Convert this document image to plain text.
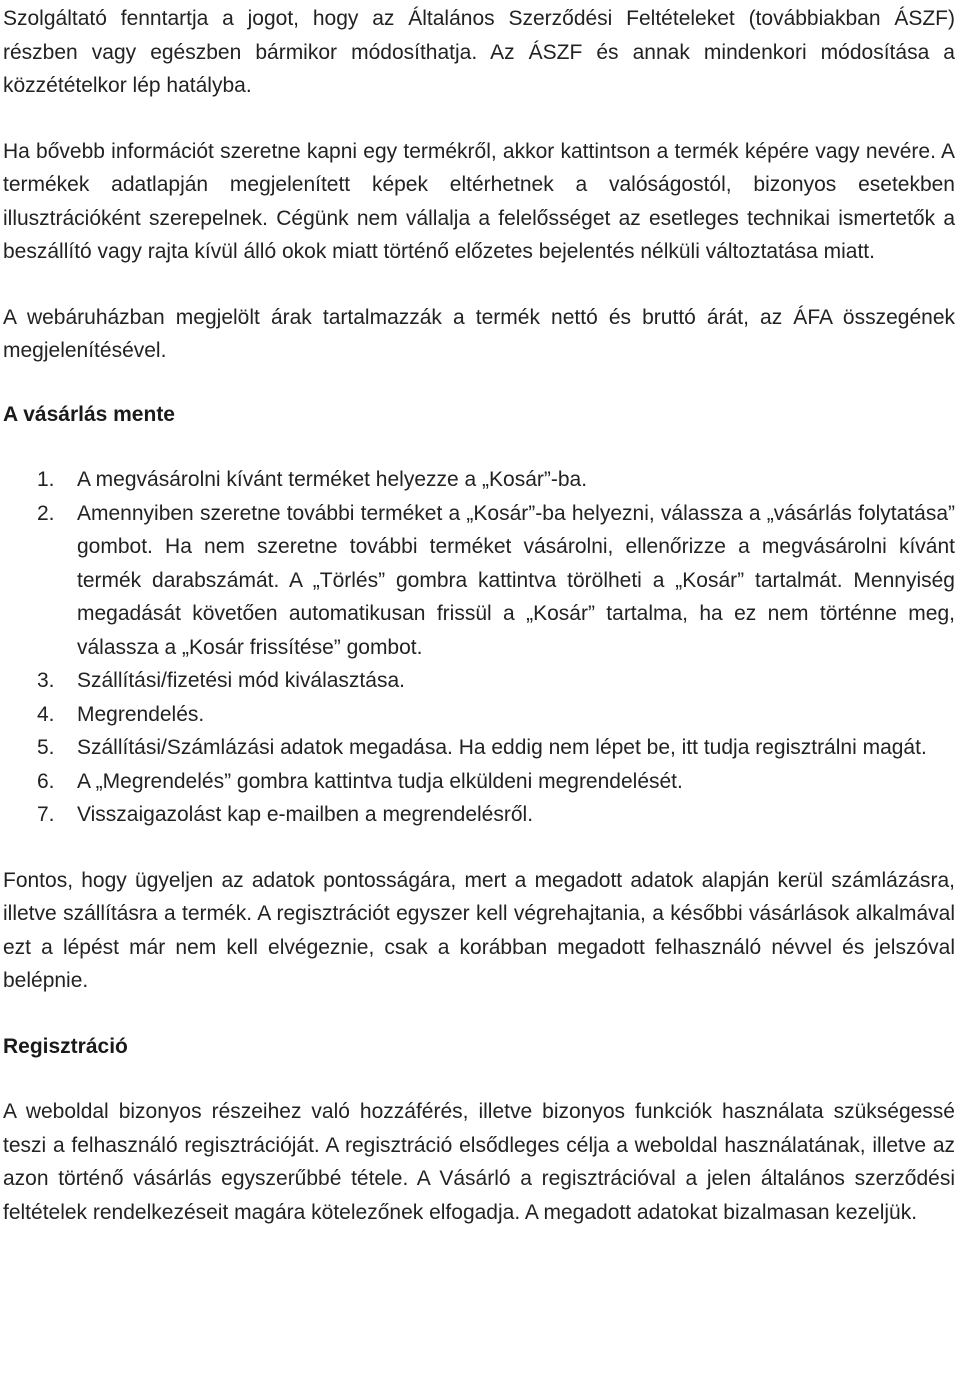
Szolgáltató fenntartja a jogot, hogy az Általános Szerződési Feltételeket (továbbiakban ÁSZF) részben vagy egészben bármikor módosíthatja. Az ÁSZF és annak mindenkori módosítása a közzétételkor lép hatályba.

Ha bővebb információt szeretne kapni egy termékről, akkor kattintson a termék képére vagy nevére. A termékek adatlapján megjelenített képek eltérhetnek a valóságostól, bizonyos esetekben illusztrációként szerepelnek. Cégünk nem vállalja a felelősséget az esetleges technikai ismertetők a beszállító vagy rajta kívül álló okok miatt történő előzetes bejelentés nélküli változtatása miatt.

A webáruházban megjelölt árak tartalmazzák a termék nettó és bruttó árát, az ÁFA összegének megjelenítésével.

A vásárlás mente
1.	A megvásárolni kívánt terméket helyezze a „Kosár”-ba.
2.	Amennyiben szeretne további terméket a „Kosár”-ba helyezni, válassza a „vásárlás folytatása” gombot. Ha nem szeretne további terméket vásárolni, ellenőrizze a megvásárolni kívánt termék darabszámát. A „Törlés” gombra kattintva törölheti a „Kosár” tartalmát. Mennyiség megadását követően automatikusan frissül a „Kosár” tartalma, ha ez nem történne meg, válassza a „Kosár frissítése” gombot.
3.	Szállítási/fizetési mód kiválasztása.
4.	Megrendelés.
5.	Szállítási/Számlázási adatok megadása. Ha eddig nem lépet be, itt tudja regisztrálni magát.
6.	A „Megrendelés” gombra kattintva tudja elküldeni megrendelését.
7.	Visszaigazolást kap e-mailben a megrendelésről.

Fontos, hogy ügyeljen az adatok pontosságára, mert a megadott adatok alapján kerül számlázásra, illetve szállításra a termék. A regisztrációt egyszer kell végrehajtania, a későbbi vásárlások alkalmával ezt a lépést már nem kell elvégeznie, csak a korábban megadott felhasználó névvel és jelszóval belépnie.

Regisztráció

A weboldal bizonyos részeihez való hozzáférés, illetve bizonyos funkciók használata szükségessé teszi a felhasználó regisztrációját. A regisztráció elsődleges célja a weboldal használatának, illetve az azon történő vásárlás egyszerűbbé tétele. A Vásárló a regisztrációval a jelen általános szerződési feltételek rendelkezéseit magára kötelezőnek elfogadja. A megadott adatokat bizalmasan kezeljük.
